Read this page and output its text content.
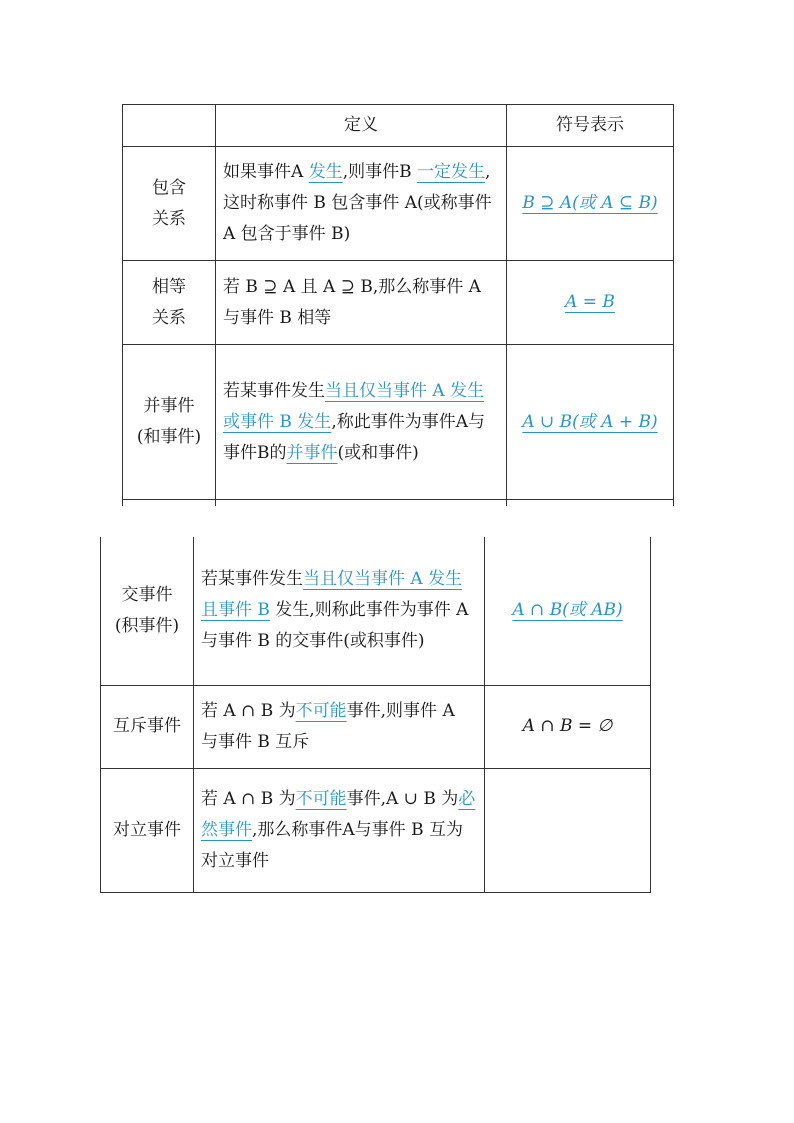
	定义	符号表示

包含
关系	如果事件A 发生,则事件B 一定发生,这时称事件 B 包含事件 A(或称事件A 包含于事件 B)	B ⊇ A(或 A ⊆ B)

相等
关系	若 B ⊇ A 且 A ⊇ B,那么称事件 A 与事件 B 相等	A = B

并事件
(和事件)	若某事件发生当且仅当事件 A 发生或事件 B 发生,称此事件为事件A与事件B的并事件(或和事件)	A ∪ B(或 A + B)

交事件
(积事件)	若某事件发生当且仅当事件 A 发生且事件 B 发生,则称此事件为事件 A 与事件 B 的交事件(或积事件)	A ∩ B(或 AB)

互斥事件	若 A ∩ B 为不可能事件,则事件 A 与事件 B 互斥	A ∩ B = ∅

对立事件	若 A ∩ B 为不可能事件,A ∪ B 为必然事件,那么称事件A与事件 B 互为对立事件	
